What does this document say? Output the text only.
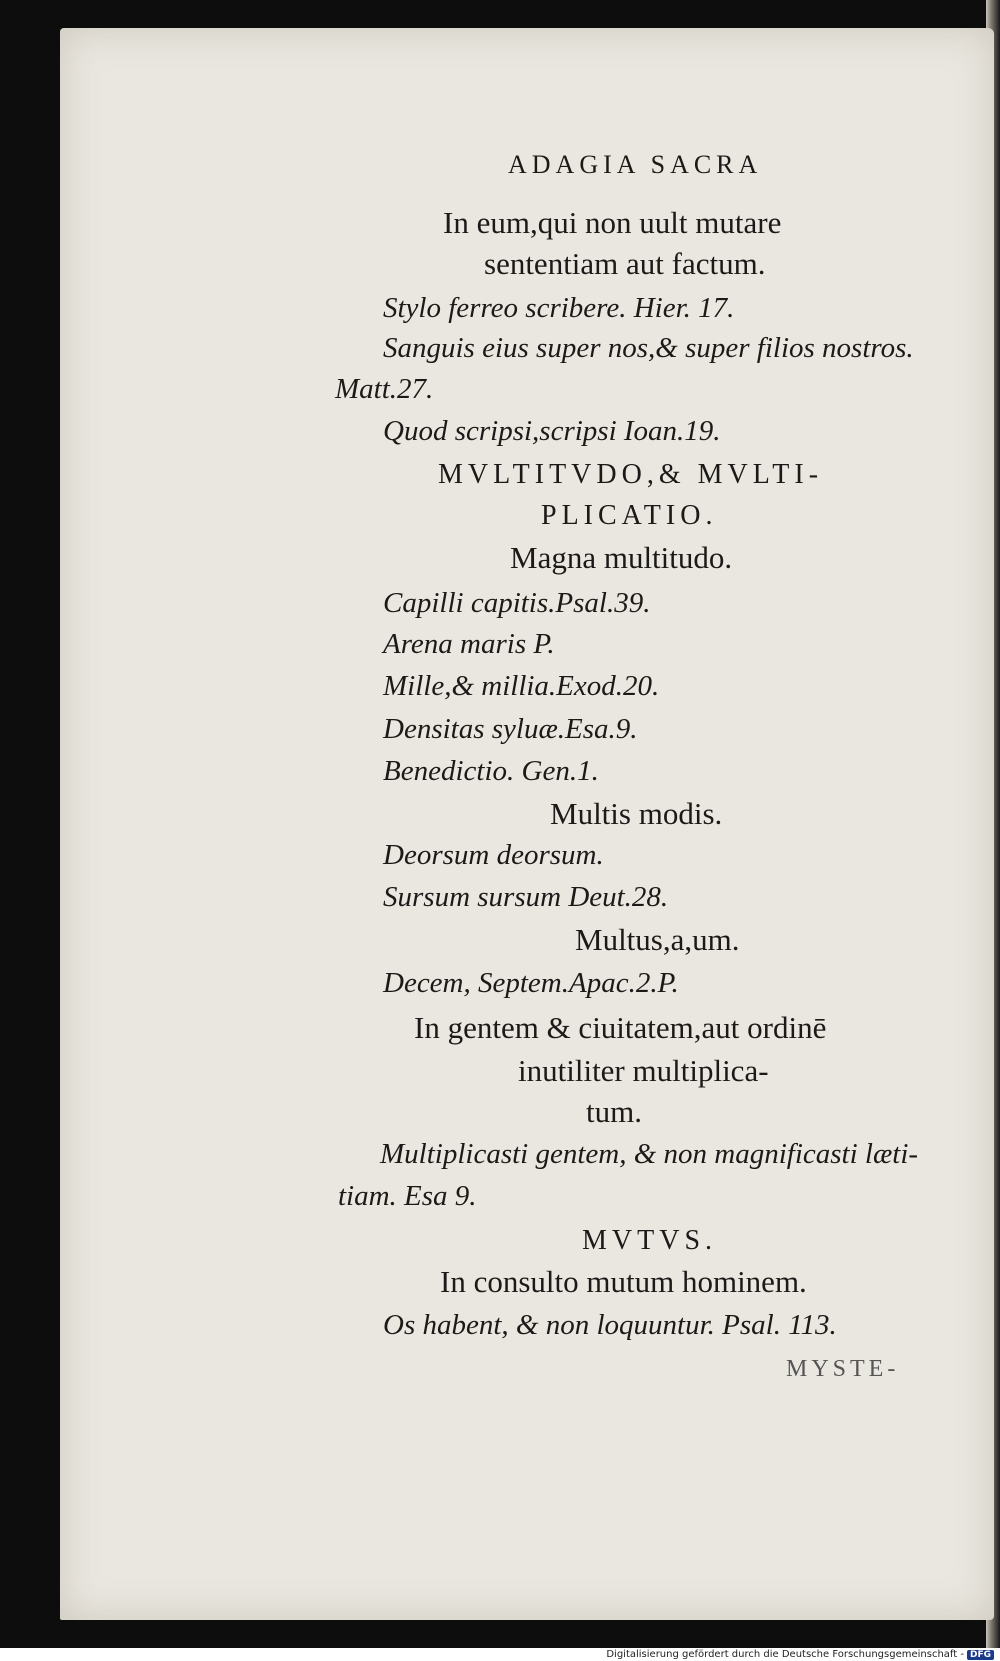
ADAGIA SACRA
In eum,qui non uult mutare
sententiam aut factum.
Stylo ferreo scribere. Hier. 17.
Sanguis eius super nos,& super filios nostros.
Matt.27.
Quod scripsi,scripsi Ioan.19.
MVLTITVDO,& MVLTI-
PLICATIO.
Magna multitudo.
Capilli capitis.Psal.39.
Arena maris P.
Mille,& millia.Exod.20.
Densitas syluæ.Esa.9.
Benedictio. Gen.1.
Multis modis.
Deorsum deorsum.
Sursum sursum Deut.28.
Multus,a,um.
Decem, Septem.Apac.2.P.
In gentem & ciuitatem,aut ordinē
inutiliter multiplica-
tum.
Multiplicasti gentem, & non magnificasti læti-
tiam. Esa 9.
MVTVS.
In consulto mutum hominem.
Os habent, & non loquuntur. Psal. 113.
MYSTE-
Digitalisierung gefördert durch die Deutsche Forschungsgemeinschaft - DFG
